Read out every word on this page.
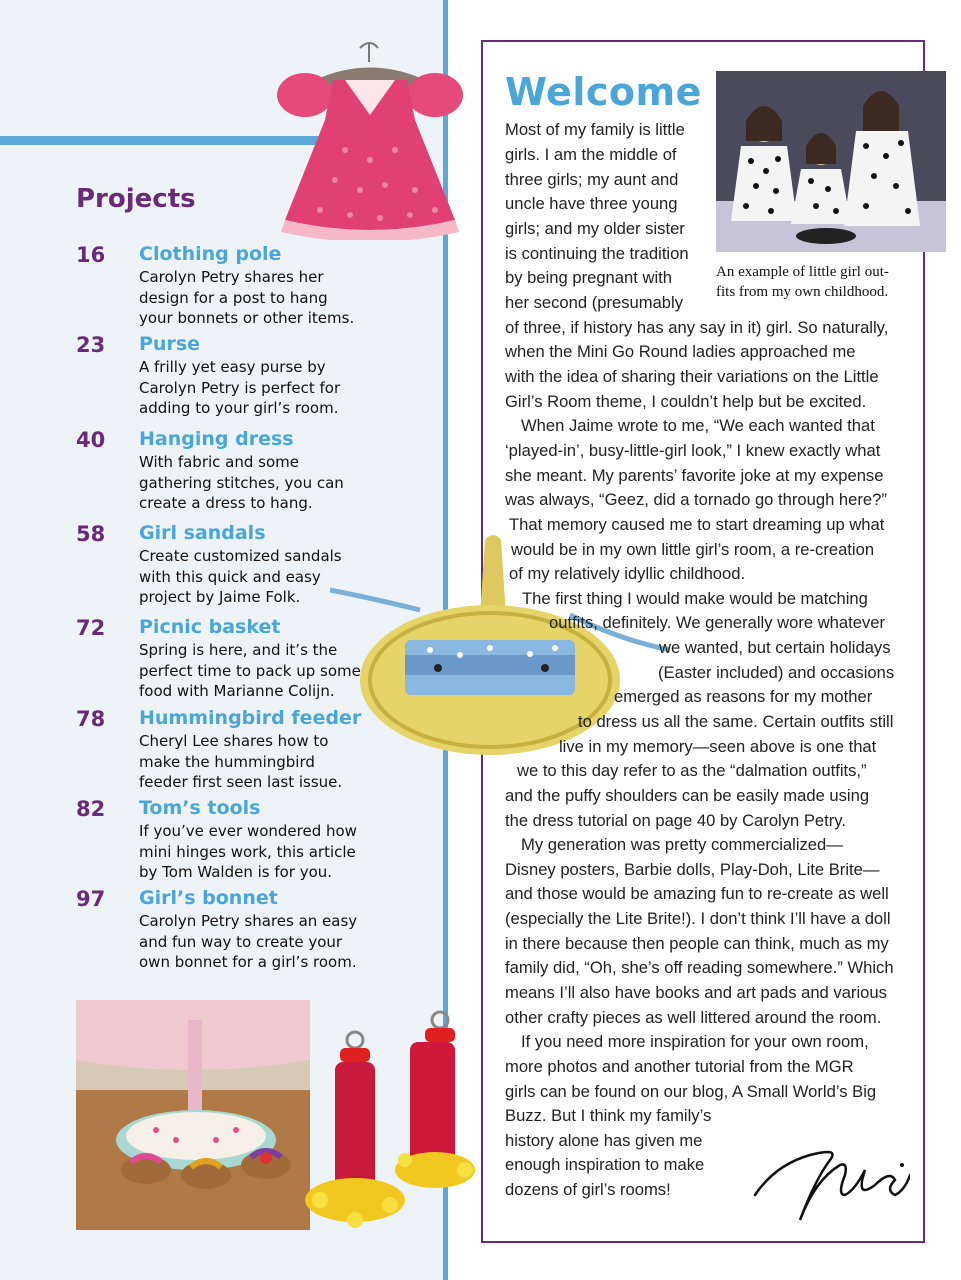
Projects
16 Clothing pole
Carolyn Petry shares her
design for a post to hang
your bonnets or other items.
23 Purse
A frilly yet easy purse by
Carolyn Petry is perfect for
adding to your girl’s room.
40 Hanging dress
With fabric and some
gathering stitches, you can
create a dress to hang.
58 Girl sandals
Create customized sandals
with this quick and easy
project by Jaime Folk.
72 Picnic basket
Spring is here, and it’s the
perfect time to pack up some
food with Marianne Colijn.
78 Hummingbird feeder
Cheryl Lee shares how to
make the hummingbird
feeder first seen last issue.
82 Tom’s tools
If you’ve ever wondered how
mini hinges work, this article
by Tom Walden is for you.
97 Girl’s bonnet
Carolyn Petry shares an easy
and fun way to create your
own bonnet for a girl’s room.
Welcome
An example of little girl out-
fits from my own childhood.
Most of my family is little
girls. I am the middle of
three girls; my aunt and
uncle have three young
girls; and my older sister
is continuing the tradition
by being pregnant with
her second (presumably
of three, if history has any say in it) girl. So naturally,
when the Mini Go Round ladies approached me
with the idea of sharing their variations on the Little
Girl’s Room theme, I couldn’t help but be excited.
When Jaime wrote to me, “We each wanted that
‘played-in’, busy-little-girl look,” I knew exactly what
she meant. My parents’ favorite joke at my expense
was always, “Geez, did a tornado go through here?”
That memory caused me to start dreaming up what
would be in my own little girl’s room, a re-creation
of my relatively idyllic childhood.
The first thing I would make would be matching
outfits, definitely. We generally wore whatever
we wanted, but certain holidays
(Easter included) and occasions
emerged as reasons for my mother
to dress us all the same. Certain outfits still
live in my memory—seen above is one that
we to this day refer to as the “dalmation outfits,”
and the puffy shoulders can be easily made using
the dress tutorial on page 40 by Carolyn Petry.
My generation was pretty commercialized—
Disney posters, Barbie dolls, Play-Doh, Lite Brite—
and those would be amazing fun to re-create as well
(especially the Lite Brite!). I don’t think I’ll have a doll
in there because then people can think, much as my
family did, “Oh, she’s off reading somewhere.” Which
means I’ll also have books and art pads and various
other crafty pieces as well littered around the room.
If you need more inspiration for your own room,
more photos and another tutorial from the MGR
girls can be found on our blog, A Small World’s Big
Buzz. But I think my family’s
history alone has given me
enough inspiration to make
dozens of girl’s rooms!
